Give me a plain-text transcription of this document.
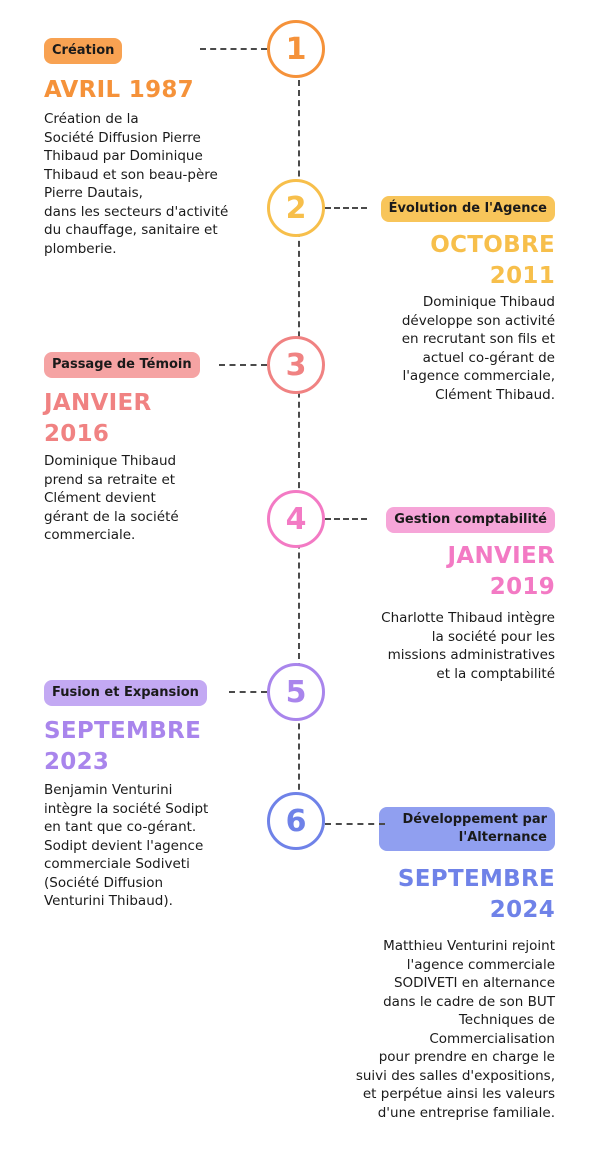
1
Création
AVRIL 1987
Création de la
Société Diffusion Pierre
Thibaud par Dominique
Thibaud et son beau-père
Pierre Dautais,
dans les secteurs d'activité
du chauffage, sanitaire et
plomberie.
2	Évolution de l'Agence
OCTOBRE
2011
Dominique Thibaud
développe son activité
en recrutant son fils et
actuel co-gérant de
l'agence commerciale,
Clément Thibaud.
3
Passage de Témoin
JANVIER
2016
Dominique Thibaud
prend sa retraite et
Clément devient
gérant de la société
commerciale.	4	Gestion comptabilité
JANVIER
2019
Charlotte Thibaud intègre
la société pour les
missions administratives
et la comptabilité
5
Fusion et Expansion
SEPTEMBRE
2023
Benjamin Venturini
intègre la société Sodipt
en tant que co-gérant.
Sodipt devient l'agence
commerciale Sodiveti
(Société Diffusion
Venturini Thibaud).
6	Développement par l'Alternance
SEPTEMBRE
2024
Matthieu Venturini rejoint
l'agence commerciale
SODIVETI en alternance
dans le cadre de son BUT
Techniques de
Commercialisation
pour prendre en charge le
suivi des salles d'expositions,
et perpétue ainsi les valeurs
d'une entreprise familiale.
